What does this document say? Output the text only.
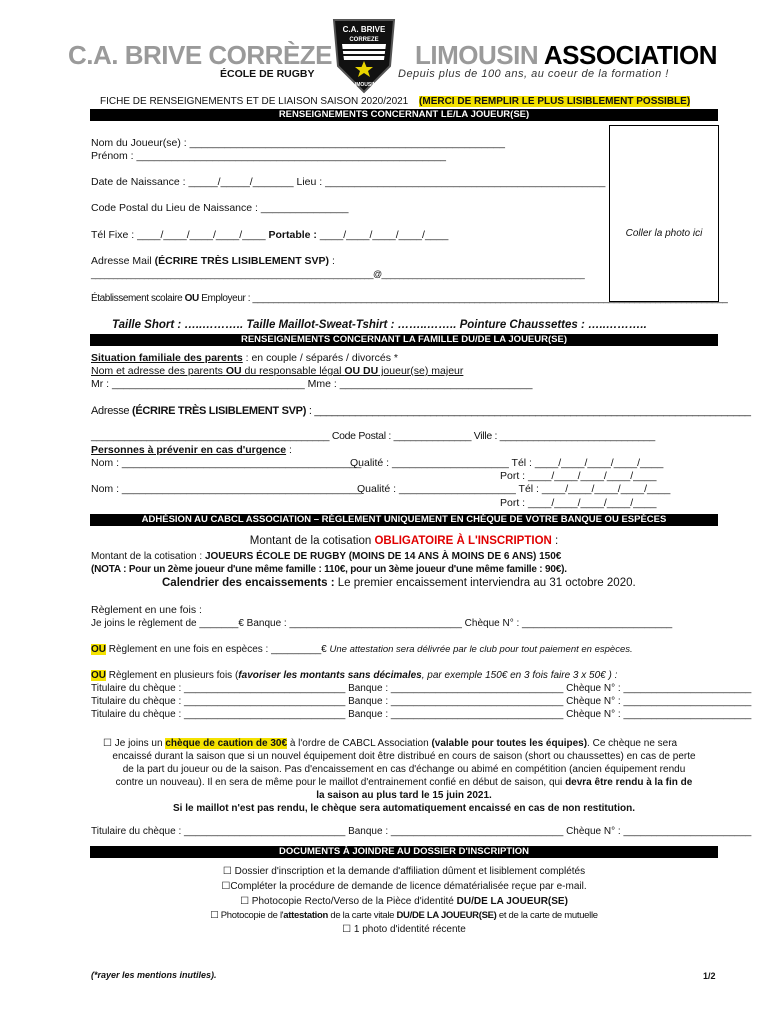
C.A. BRIVE CORRÈZE
ÉCOLE DE RUGBY
C.A. BRIVE
CORREZE
LIMOUSIN
LIMOUSIN ASSOCIATION
Depuis plus de 100 ans, au coeur de la formation !
FICHE DE RENSEIGNEMENTS ET DE LIAISON SAISON 2020/2021 (MERCI DE REMPLIR LE PLUS LISIBLEMENT POSSIBLE)
RENSEIGNEMENTS CONCERNANT LE/LA JOUEUR(SE)
Coller la photo ici
Nom du Joueur(se) : ______________________________________________________
Prénom : _____________________________________________________
Date de Naissance : _____/_____/_______ Lieu : ________________________________________________
Code Postal du Lieu de Naissance : _______________
Tél Fixe : ____/____/____/____/____ Portable : ____/____/____/____/____
Adresse Mail (ÉCRIRE TRÈS LISIBLEMENT SVP) :
________________________________________________________________@______________________________________________
Établissement scolaire OU Employeur : ____________________________________________________________________________________________
Taille Short : …..……….. Taille Maillot-Sweat-Tshirt : ……..…….. Pointure Chaussettes : …..………..
RENSEIGNEMENTS CONCERNANT LA FAMILLE DU/DE LA JOUEUR(SE)
Situation familiale des parents : en couple / séparés / divorcés *
Nom et adresse des parents OU du responsable légal OU DU joueur(se) majeur
Mr : _________________________________ Mme : _________________________________
Adresse (ÉCRIRE TRÈS LISIBLEMENT SVP) : ___________________________________________________________________________
___________________________________________ Code Postal : ______________ Ville : ____________________________
Personnes à prévenir en cas d'urgence :
Nom : _________________________________________
Qualité : ____________________ Tél : ____/____/____/____/____
Port : ____/____/____/____/____
Nom : _________________________________________
Qualité : ____________________ Tél : ____/____/____/____/____
Port : ____/____/____/____/____
ADHÉSION AU CABCL ASSOCIATION – RÈGLEMENT UNIQUEMENT EN CHÈQUE DE VOTRE BANQUE OU ESPÈCES
Montant de la cotisation OBLIGATOIRE À L'INSCRIPTION :
Montant de la cotisation : JOUEURS ÉCOLE DE RUGBY (MOINS DE 14 ANS À MOINS DE 6 ANS) 150€
(NOTA : Pour un 2ème joueur d'une même famille : 110€, pour un 3ème joueur d'une même famille : 90€).
Calendrier des encaissements : Le premier encaissement interviendra au 31 octobre 2020.
Règlement en une fois :
Je joins le règlement de _______€ Banque : _______________________________ Chèque N° : ___________________________
OU Règlement en une fois en espèces : _________€ Une attestation sera délivrée par le club pour tout paiement en espèces.
OU Règlement en plusieurs fois (favoriser les montants sans décimales, par exemple 150€ en 3 fois faire 3 x 50€ ) :
Titulaire du chèque : _____________________________ Banque : _______________________________ Chèque N° : _______________________
Titulaire du chèque : _____________________________ Banque : _______________________________ Chèque N° : _______________________
Titulaire du chèque : _____________________________ Banque : _______________________________ Chèque N° : _______________________
☐ Je joins un chèque de caution de 30€ à l'ordre de CABCL Association (valable pour toutes les équipes). Ce chèque ne sera
encaissé durant la saison que si un nouvel équipement doit être distribué en cours de saison (short ou chaussettes) en cas de perte
de la part du joueur ou de la saison. Pas d'encaissement en cas d'échange ou abimé en compétition (ancien équipement rendu
contre un nouveau). Il en sera de même pour le maillot d'entrainement confié en début de saison, qui devra être rendu à la fin de
la saison au plus tard le 15 juin 2021.
Si le maillot n'est pas rendu, le chèque sera automatiquement encaissé en cas de non restitution.
Titulaire du chèque : _____________________________ Banque : _______________________________ Chèque N° : _______________________
DOCUMENTS À JOINDRE AU DOSSIER D'INSCRIPTION
☐ Dossier d'inscription et la demande d'affiliation dûment et lisiblement complétés
☐Compléter la procédure de demande de licence dématérialisée reçue par e-mail.
☐ Photocopie Recto/Verso de la Pièce d'identité DU/DE LA JOUEUR(SE)
☐ Photocopie de l'attestation de la carte vitale DU/DE LA JOUEUR(SE) et de la carte de mutuelle
☐ 1 photo d'identité récente
(*rayer les mentions inutiles).	1/2
